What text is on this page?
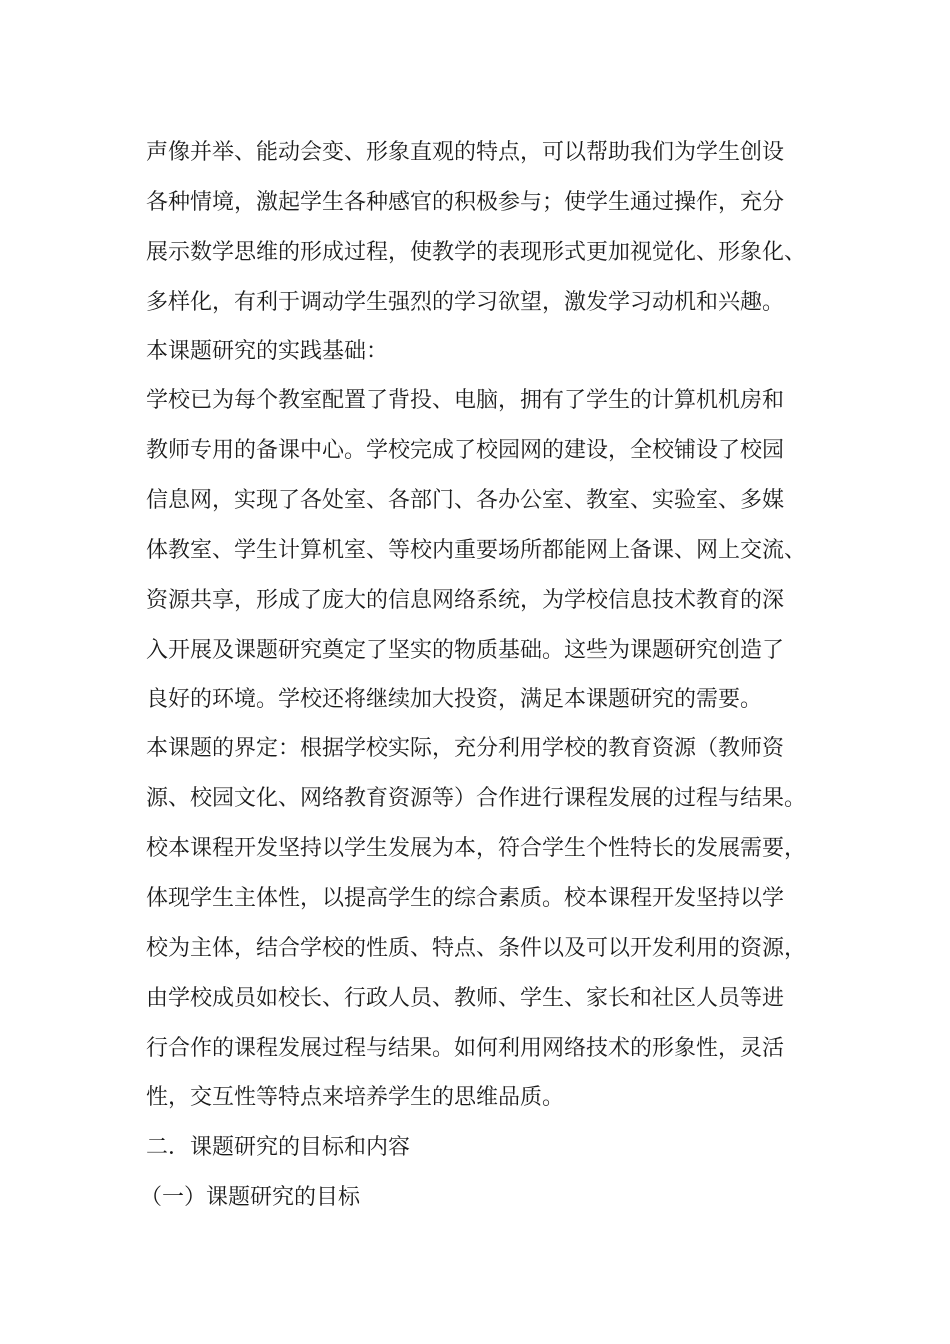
声像并举、能动会变、形象直观的特点，可以帮助我们为学生创设
各种情境，激起学生各种感官的积极参与；使学生通过操作，充分
展示数学思维的形成过程，使教学的表现形式更加视觉化、形象化、
多样化，有利于调动学生强烈的学习欲望，激发学习动机和兴趣。
本课题研究的实践基础：
学校已为每个教室配置了背投、电脑，拥有了学生的计算机机房和
教师专用的备课中心。学校完成了校园网的建设，全校铺设了校园
信息网，实现了各处室、各部门、各办公室、教室、实验室、多媒
体教室、学生计算机室、等校内重要场所都能网上备课、网上交流、
资源共享，形成了庞大的信息网络系统，为学校信息技术教育的深
入开展及课题研究奠定了坚实的物质基础。这些为课题研究创造了
良好的环境。学校还将继续加大投资，满足本课题研究的需要。
本课题的界定：根据学校实际，充分利用学校的教育资源（教师资
源、校园文化、网络教育资源等）合作进行课程发展的过程与结果。
校本课程开发坚持以学生发展为本，符合学生个性特长的发展需要，
体现学生主体性，以提高学生的综合素质。校本课程开发坚持以学
校为主体，结合学校的性质、特点、条件以及可以开发利用的资源，
由学校成员如校长、行政人员、教师、学生、家长和社区人员等进
行合作的课程发展过程与结果。如何利用网络技术的形象性，灵活
性，交互性等特点来培养学生的思维品质。
二．课题研究的目标和内容
（一）课题研究的目标
